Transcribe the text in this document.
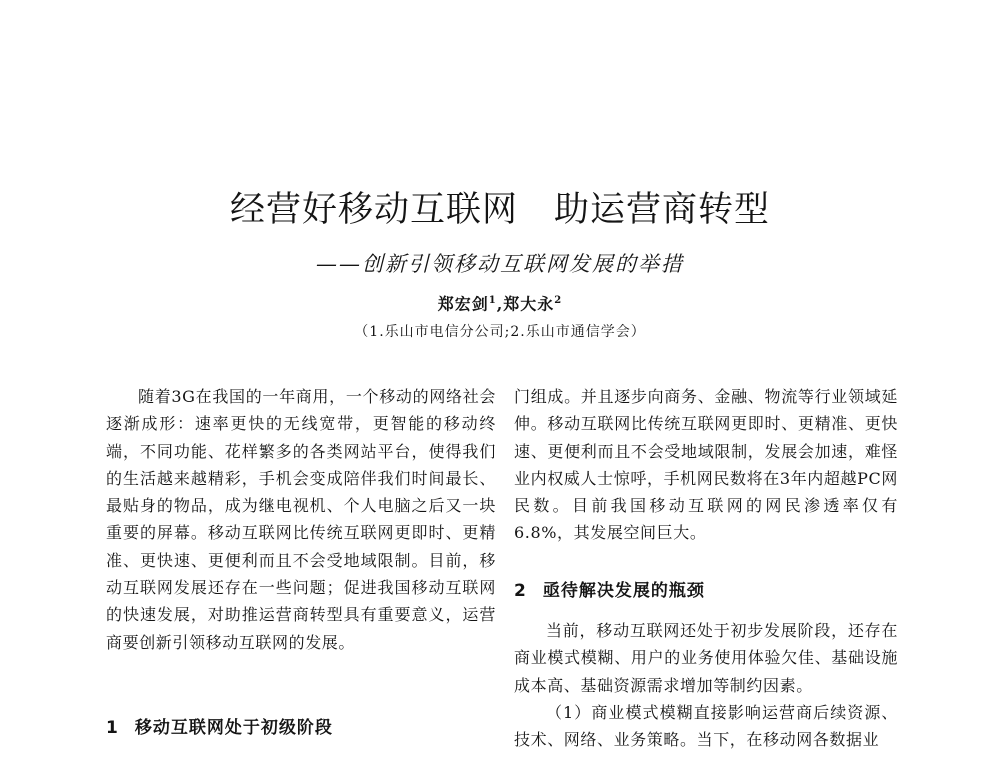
经营好移动互联网　助运营商转型
——创新引领移动互联网发展的举措
郑宏剑$^1$,郑大永$^2$
（1.乐山市电信分公司;2.乐山市通信学会）

随着3G在我国的一年商用，一个移动的网络社会逐渐成形：速率更快的无线宽带，更智能的移动终端，不同功能、花样繁多的各类网站平台，使得我们的生活越来越精彩，手机会变成陪伴我们时间最长、最贴身的物品，成为继电视机、个人电脑之后又一块重要的屏幕。移动互联网比传统互联网更即时、更精准、更快速、更便利而且不会受地域限制。目前，移动互联网发展还存在一些问题；促进我国移动互联网的快速发展，对助推运营商转型具有重要意义，运营商要创新引领移动互联网的发展。

1 移动互联网处于初级阶段

门组成。并且逐步向商务、金融、物流等行业领域延伸。移动互联网比传统互联网更即时、更精准、更快速、更便利而且不会受地域限制，发展会加速，难怪业内权威人士惊呼，手机网民数将在3年内超越PC网民数。目前我国移动互联网的网民渗透率仅有6.8%，其发展空间巨大。

2 亟待解决发展的瓶颈

当前，移动互联网还处于初步发展阶段，还存在商业模式模糊、用户的业务使用体验欠佳、基础设施成本高、基础资源需求增加等制约因素。

（1）商业模式模糊直接影响运营商后续资源、技术、网络、业务策略。当下，在移动网各数据业
